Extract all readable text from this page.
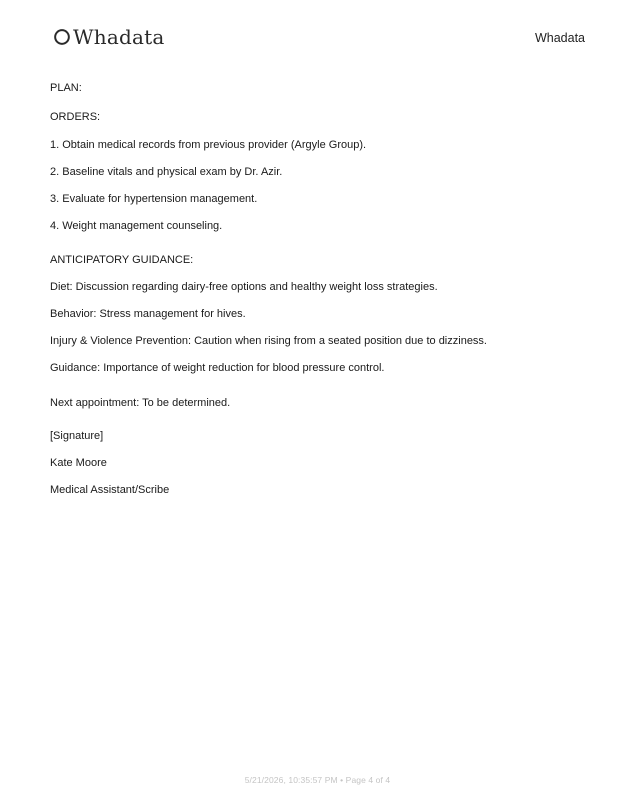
Whadata	Whadata
PLAN:
ORDERS:
1. Obtain medical records from previous provider (Argyle Group).
2. Baseline vitals and physical exam by Dr. Azir.
3. Evaluate for hypertension management.
4. Weight management counseling.
ANTICIPATORY GUIDANCE:
Diet: Discussion regarding dairy-free options and healthy weight loss strategies.
Behavior: Stress management for hives.
Injury & Violence Prevention: Caution when rising from a seated position due to dizziness.
Guidance: Importance of weight reduction for blood pressure control.
Next appointment: To be determined.
[Signature]
Kate Moore
Medical Assistant/Scribe
5/21/2026, 10:35:57 PM • Page 4 of 4
